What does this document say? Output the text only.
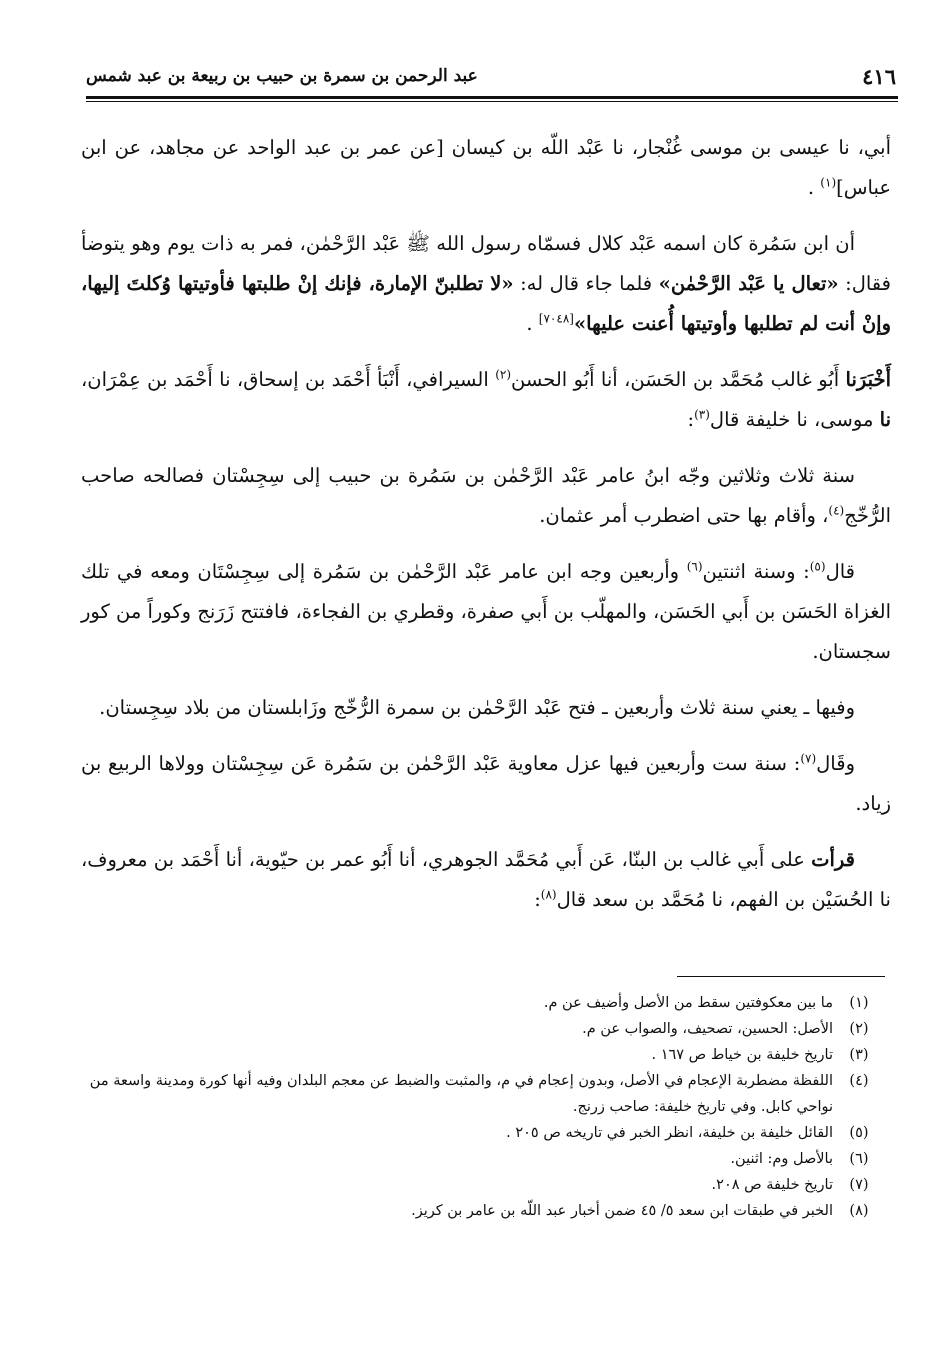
٤١٦
عبد الرحمن بن سمرة بن حبيب بن ربيعة بن عبد شمس

أبي، نا عيسى بن موسى غُنْجار، نا عَبْد اللّه بن كيسان [عن عمر بن عبد الواحد عن مجاهد، عن ابن عباس]$^{(١)}$ .

أن ابن سَمُرة كان اسمه عَبْد كلال فسمّاه رسول الله ﷺ عَبْد الرَّحْمٰن، فمر به ذات يوم وهو يتوضأ فقال: «تعال يا عَبْد الرَّحْمٰن» فلما جاء قال له: «لا تطلبنّ الإمارة، فإنك إنْ طلبتها فأوتيتها وُكلتَ إليها، وإنْ أنت لم تطلبها وأوتيتها أُعنت عليها»[٧٠٤٨] .

أَخْبَرَنا أَبُو غالب مُحَمَّد بن الحَسَن، أنا أَبُو الحسن$^{(٢)}$ السيرافي، أَنْبَأ أَحْمَد بن إسحاق، نا أَحْمَد بن عِمْرَان، نا موسى، نا خليفة قال$^{(٣)}$:

سنة ثلاث وثلاثين وجّه ابنُ عامر عَبْد الرَّحْمٰن بن سَمُرة بن حبيب إلى سِجِسْتان فصالحه صاحب الرُّخّج$^{(٤)}$، وأقام بها حتى اضطرب أمر عثمان.

قال$^{(٥)}$: وسنة اثنتين$^{(٦)}$ وأربعين وجه ابن عامر عَبْد الرَّحْمٰن بن سَمُرة إلى سِجِسْتَان ومعه في تلك الغزاة الحَسَن بن أَبي الحَسَن، والمهلّب بن أَبي صفرة، وقطري بن الفجاءة، فافتتح زَرَنج وكوراً من كور سجستان.

وفيها ـ يعني سنة ثلاث وأربعين ـ فتح عَبْد الرَّحْمٰن بن سمرة الرُّخّج وزَابلستان من بلاد سِجِستان.

وقَال$^{(٧)}$: سنة ست وأربعين فيها عزل معاوية عَبْد الرَّحْمٰن بن سَمُرة عَن سِجِسْتان وولاها الربيع بن زياد.

قرأت على أَبي غالب بن البنّا، عَن أَبي مُحَمَّد الجوهري، أنا أَبُو عمر بن حيّوية، أنا أَحْمَد بن معروف، نا الحُسَيْن بن الفهم، نا مُحَمَّد بن سعد قال$^{(٨)}$:

(١)
ما بين معكوفتين سقط من الأصل وأضيف عن م.

(٢)
الأصل: الحسين، تصحيف، والصواب عن م.

(٣)
تاريخ خليفة بن خياط ص ١٦٧ .

(٤)
اللفظة مضطربة الإعجام في الأصل، وبدون إعجام في م، والمثبت والضبط عن معجم البلدان وفيه أنها كورة ومدينة واسعة من نواحي كابل. وفي تاريخ خليفة: صاحب زرنج.

(٥)
القائل خليفة بن خليفة، انظر الخبر في تاريخه ص ٢٠٥ .

(٦)
بالأصل وم: اثنين.

(٧)
تاريخ خليفة ص ٢٠٨.

(٨)
الخبر في طبقات ابن سعد ٥/ ٤٥ ضمن أخبار عبد اللّه بن عامر بن كريز.
